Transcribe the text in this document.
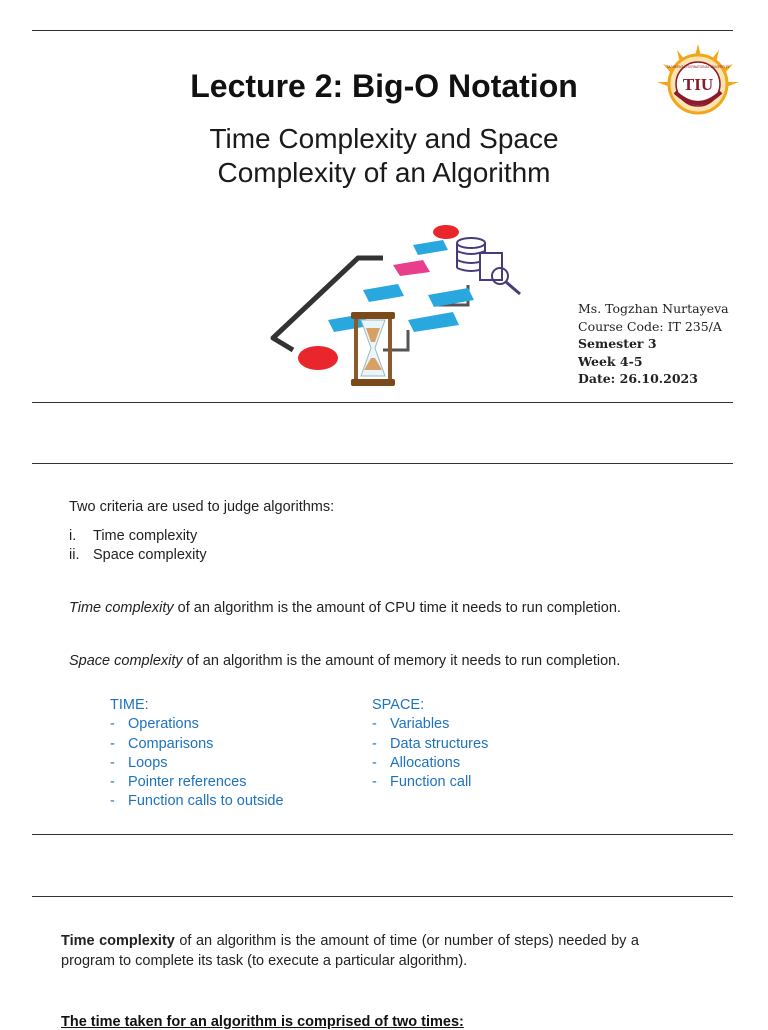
Lecture 2: Big-O Notation
Time Complexity and Space
Complexity of an Algorithm
TIU
TASHKENT INTERNATIONAL UNIVERSITY
Ms. Togzhan Nurtayeva
Course Code: IT 235/A
Semester 3
Week 4-5
Date: 26.10.2023
Two criteria are used to judge algorithms:
i. Time complexity
ii. Space complexity
Time complexity of an algorithm is the amount of CPU time it needs to run completion.
Space complexity of an algorithm is the amount of memory it needs to run completion.
TIME:
- Operations
- Comparisons
- Loops
- Pointer references
- Function calls to outside
SPACE:
- Variables
- Data structures
- Allocations
- Function call
Time complexity of an algorithm is the amount of time (or number of steps) needed by a program to complete its task (to execute a particular algorithm).
The time taken for an algorithm is comprised of two times:
